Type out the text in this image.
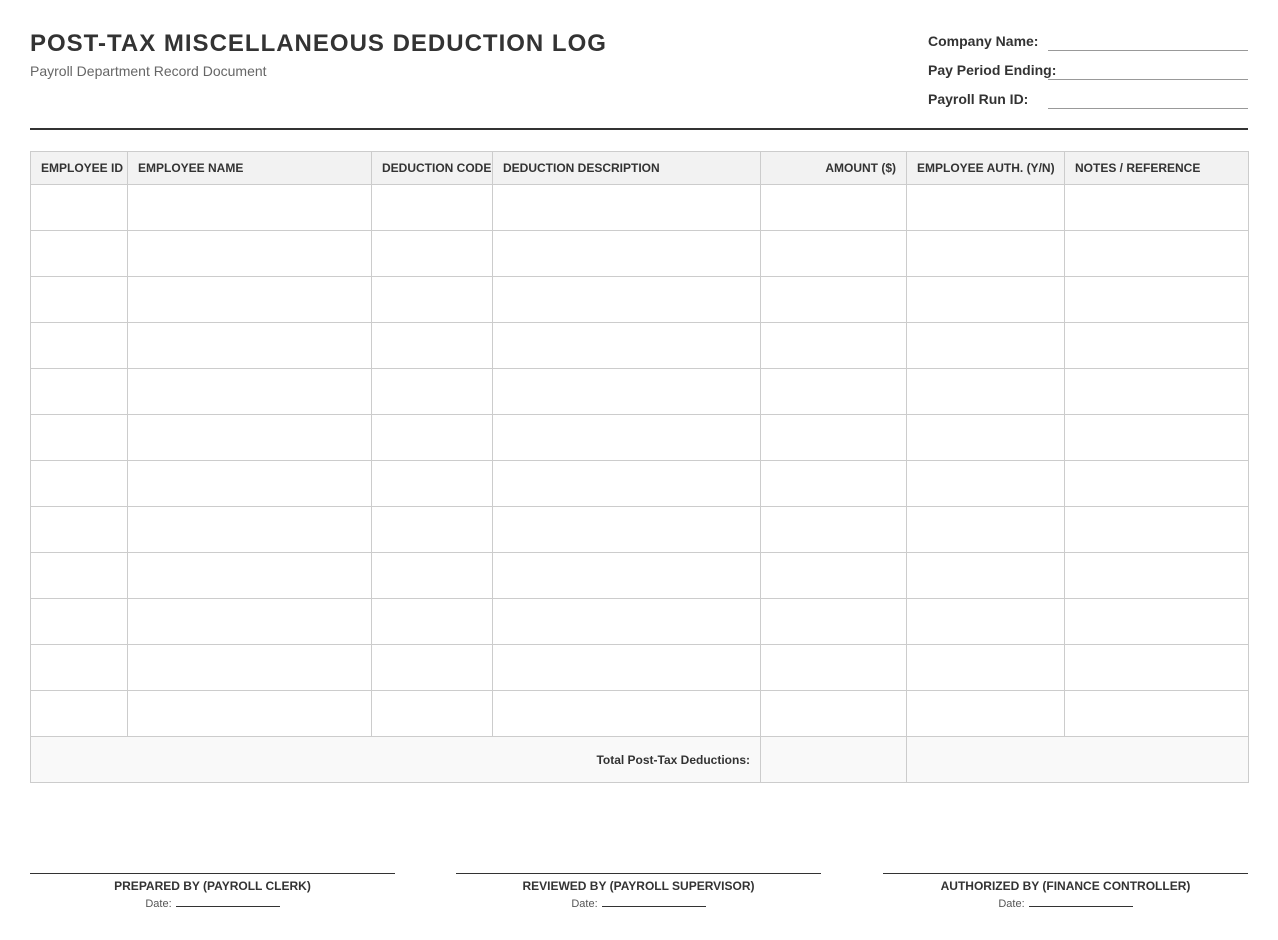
POST-TAX MISCELLANEOUS DEDUCTION LOG
Payroll Department Record Document
Company Name:
Pay Period Ending:
Payroll Run ID:
EMPLOYEE ID	EMPLOYEE NAME	DEDUCTION CODE	DEDUCTION DESCRIPTION	AMOUNT ($)	EMPLOYEE AUTH. (Y/N)	NOTES / REFERENCE

Total Post-Tax Deductions:						
PREPARED BY (PAYROLL CLERK)
Date:
REVIEWED BY (PAYROLL SUPERVISOR)
Date:
AUTHORIZED BY (FINANCE CONTROLLER)
Date:
